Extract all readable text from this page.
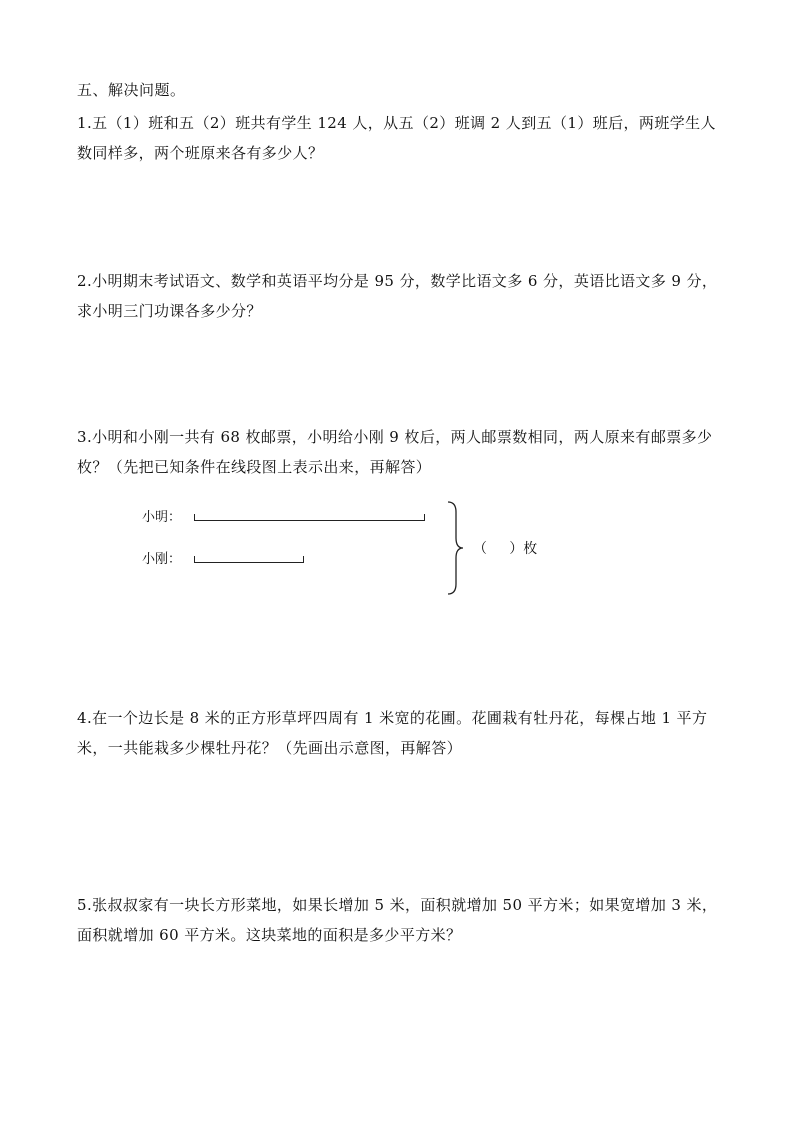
五、解决问题。

1.五（1）班和五（2）班共有学生 124 人，从五（2）班调 2 人到五（1）班后，两班学生人

数同样多，两个班原来各有多少人？

2.小明期末考试语文、数学和英语平均分是 95 分，数学比语文多 6 分，英语比语文多 9 分，

求小明三门功课各多少分？

3.小明和小刚一共有 68 枚邮票，小明给小刚 9 枚后，两人邮票数相同，两人原来有邮票多少

枚？（先把已知条件在线段图上表示出来，再解答）

小明：
小刚：
（     ）枚

4.在一个边长是 8 米的正方形草坪四周有 1 米宽的花圃。花圃栽有牡丹花，每棵占地 1 平方

米，一共能栽多少棵牡丹花？（先画出示意图，再解答）

5.张叔叔家有一块长方形菜地，如果长增加 5 米，面积就增加 50 平方米；如果宽增加 3 米，

面积就增加 60 平方米。这块菜地的面积是多少平方米？
